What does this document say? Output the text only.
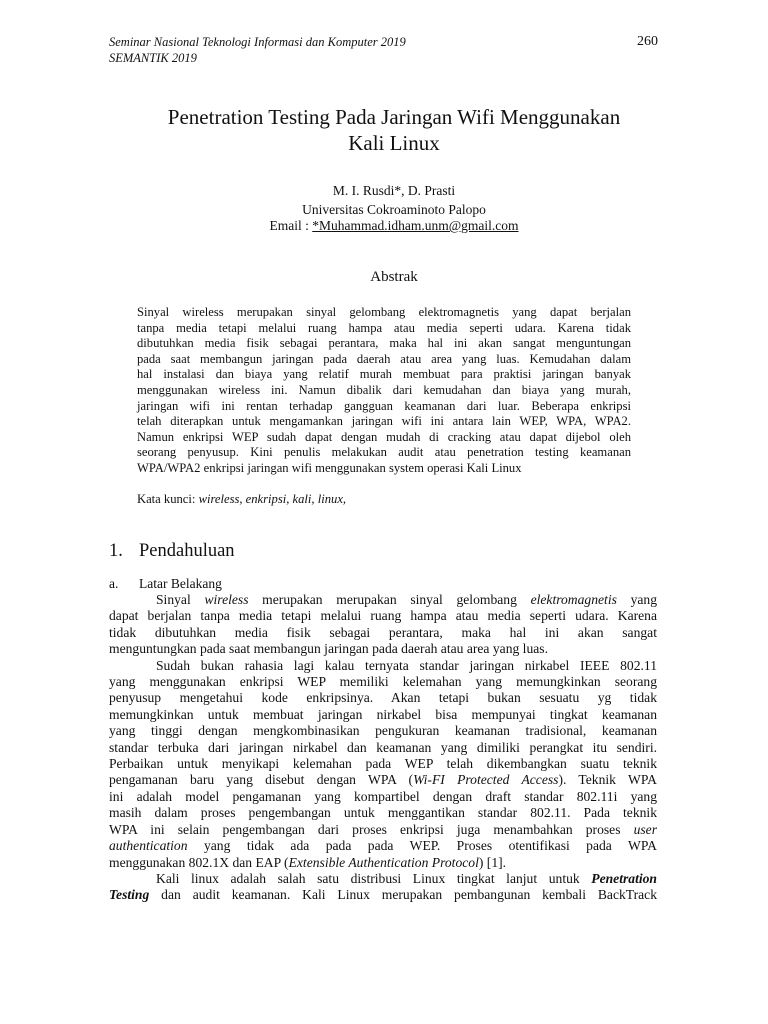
Seminar Nasional Teknologi Informasi dan Komputer 2019
SEMANTIK 2019
260
Penetration Testing Pada Jaringan Wifi Menggunakan
Kali Linux
M. I. Rusdi*, D. Prasti
Universitas Cokroaminoto Palopo
Email : *Muhammad.idham.unm@gmail.com
Abstrak
Sinyal wireless merupakan sinyal gelombang elektromagnetis yang dapat berjalan
tanpa media tetapi melalui ruang hampa atau media seperti udara. Karena tidak
dibutuhkan media fisik sebagai perantara, maka hal ini akan sangat menguntungan
pada saat membangun jaringan pada daerah atau area yang luas. Kemudahan dalam
hal instalasi dan biaya yang relatif murah membuat para praktisi jaringan banyak
menggunakan wireless ini. Namun dibalik dari kemudahan dan biaya yang murah,
jaringan wifi ini rentan terhadap gangguan keamanan dari luar. Beberapa enkripsi
telah diterapkan untuk mengamankan jaringan wifi ini antara lain WEP, WPA, WPA2.
Namun enkripsi WEP sudah dapat dengan mudah di cracking atau dapat dijebol oleh
seorang penyusup. Kini penulis melakukan audit atau penetration testing keamanan
WPA/WPA2 enkripsi jaringan wifi menggunakan system operasi Kali Linux
Kata kunci: wireless, enkripsi, kali, linux,
1. Pendahuluan
a. Latar Belakang
Sinyal wireless merupakan merupakan sinyal gelombang elektromagnetis yang
dapat berjalan tanpa media tetapi melalui ruang hampa atau media seperti udara. Karena
tidak dibutuhkan media fisik sebagai perantara, maka hal ini akan sangat
menguntungkan pada saat membangun jaringan pada daerah atau area yang luas.
Sudah bukan rahasia lagi kalau ternyata standar jaringan nirkabel IEEE 802.11
yang menggunakan enkripsi WEP memiliki kelemahan yang memungkinkan seorang
penyusup mengetahui kode enkripsinya. Akan tetapi bukan sesuatu yg tidak
memungkinkan untuk membuat jaringan nirkabel bisa mempunyai tingkat keamanan
yang tinggi dengan mengkombinasikan pengukuran keamanan tradisional, keamanan
standar terbuka dari jaringan nirkabel dan keamanan yang dimiliki perangkat itu sendiri.
Perbaikan untuk menyikapi kelemahan pada WEP telah dikembangkan suatu teknik
pengamanan baru yang disebut dengan WPA (Wi-FI Protected Access). Teknik WPA
ini adalah model pengamanan yang kompartibel dengan draft standar 802.11i yang
masih dalam proses pengembangan untuk menggantikan standar 802.11. Pada teknik
WPA ini selain pengembangan dari proses enkripsi juga menambahkan proses user
authentication yang tidak ada pada pada WEP. Proses otentifikasi pada WPA
menggunakan 802.1X dan EAP (Extensible Authentication Protocol) [1].
Kali linux adalah salah satu distribusi Linux tingkat lanjut untuk Penetration
Testing dan audit keamanan. Kali Linux merupakan pembangunan kembali BackTrack
